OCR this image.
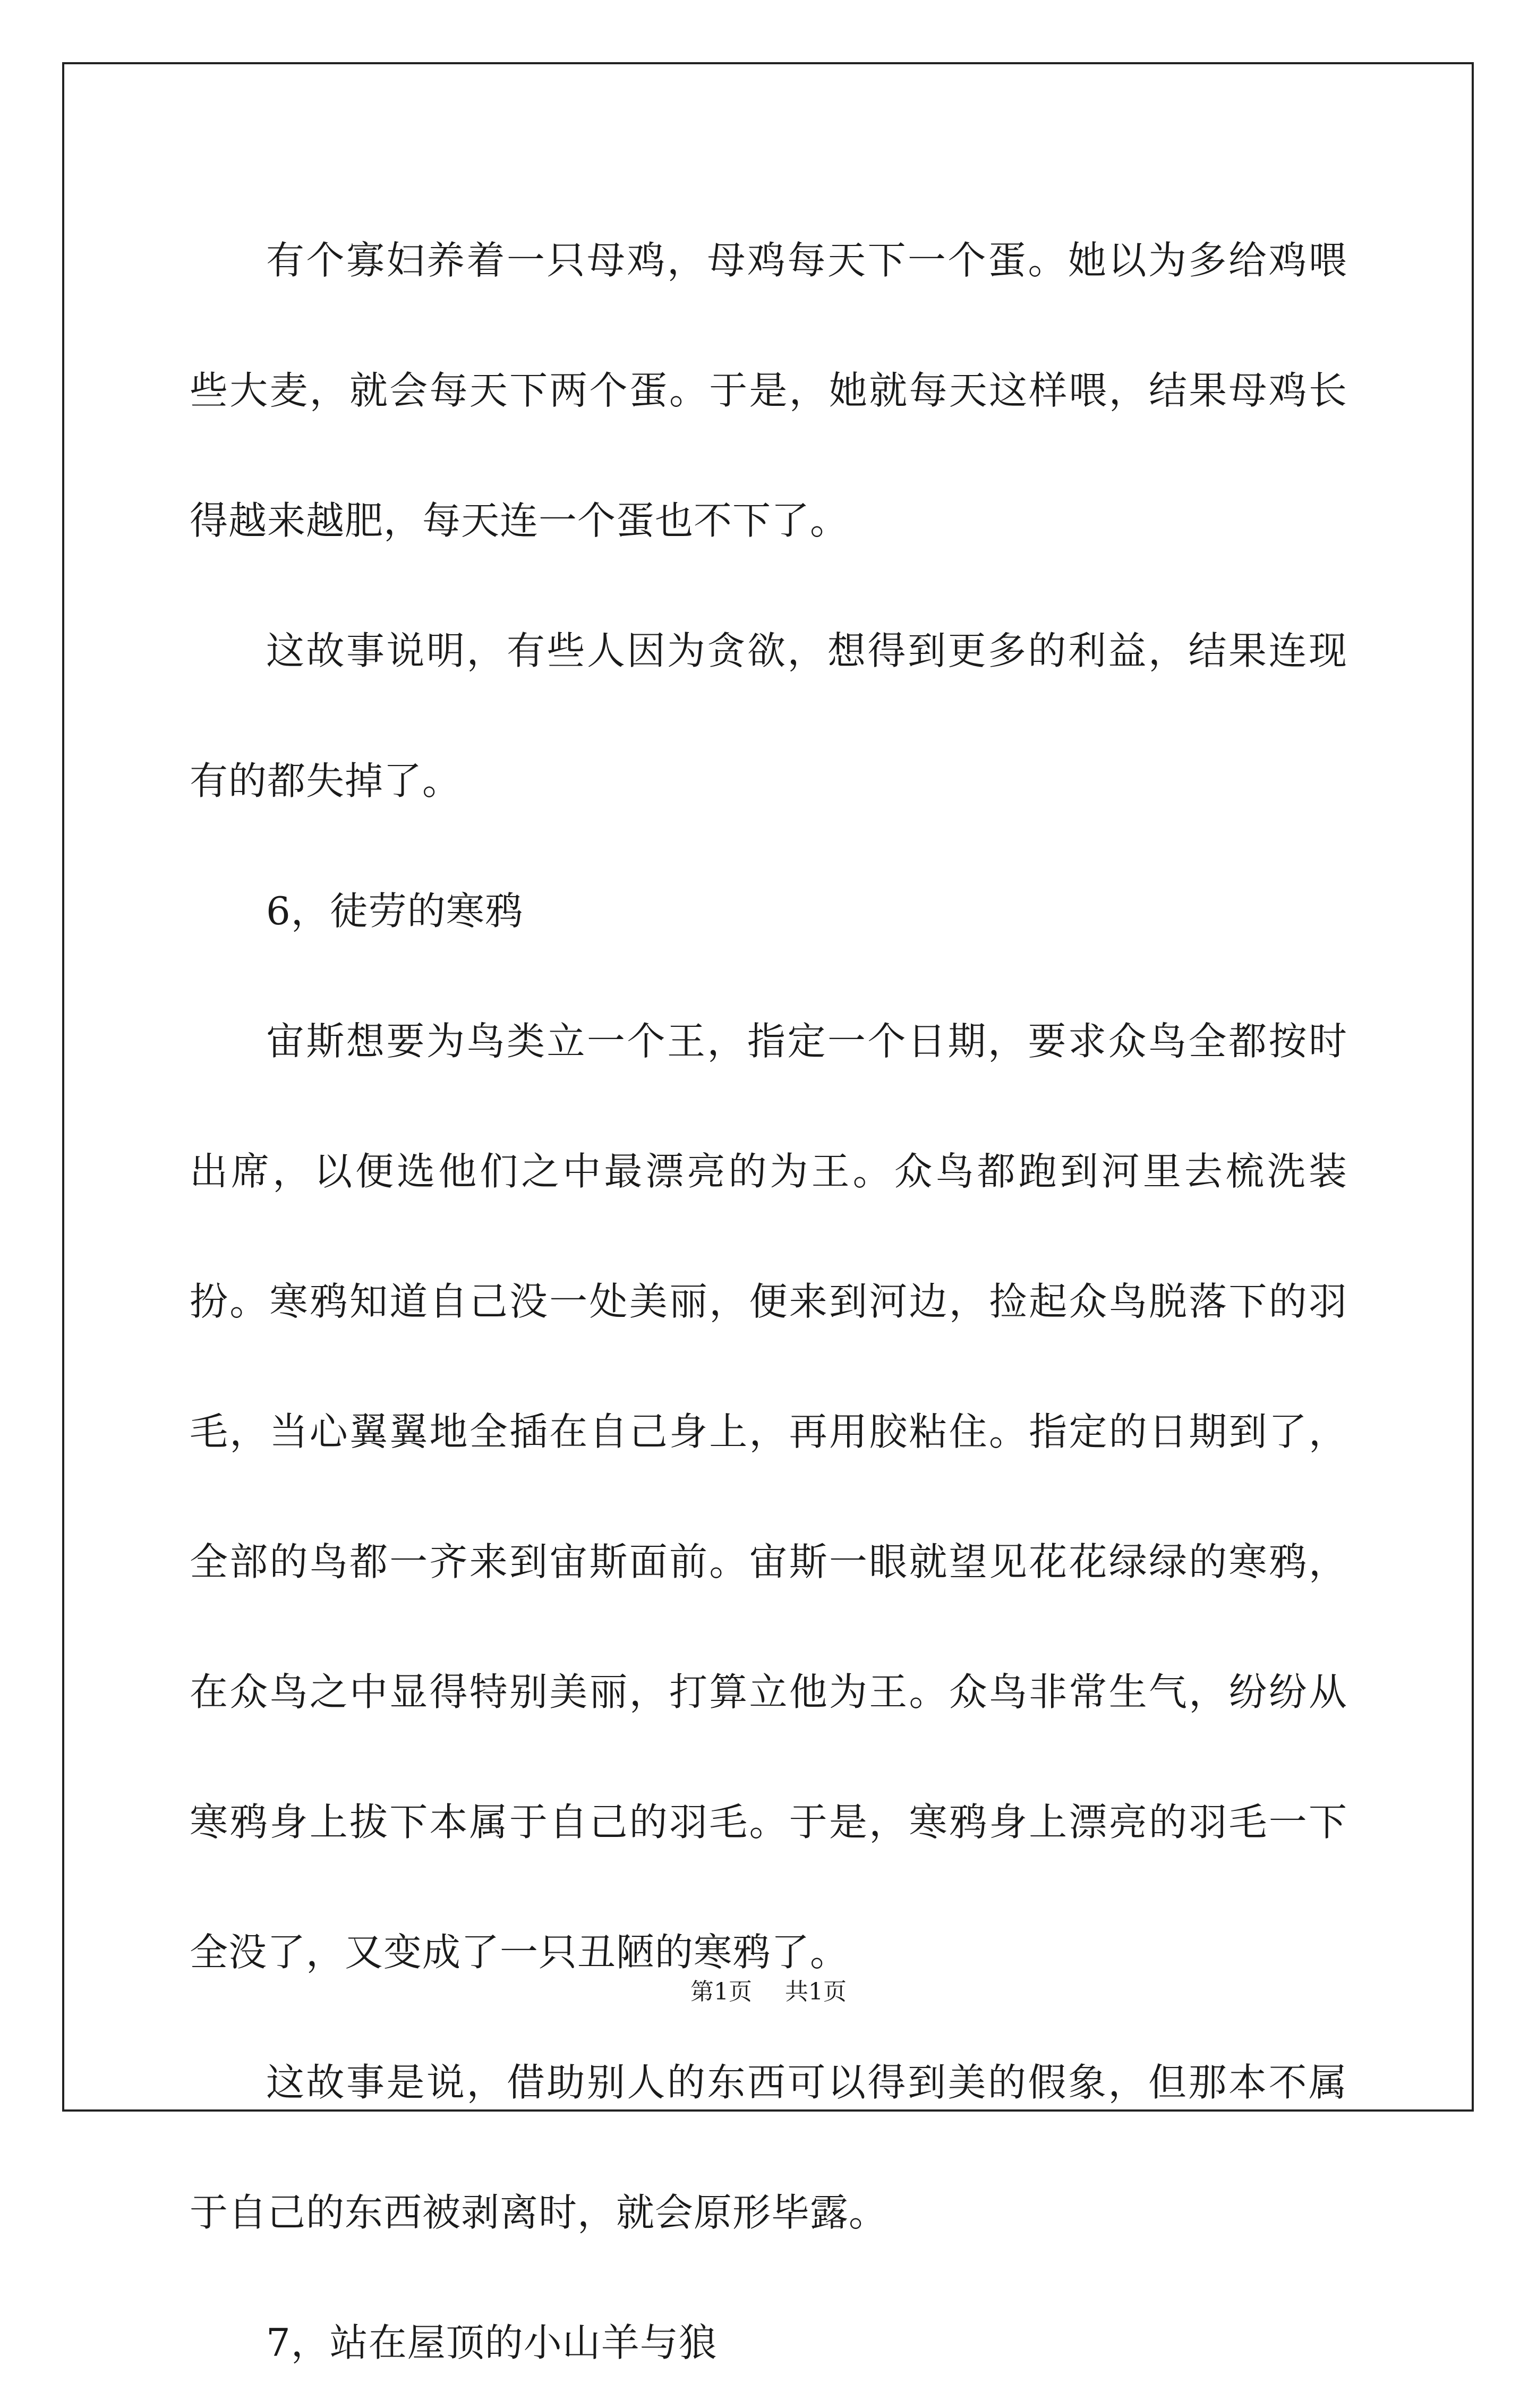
有个寡妇养着一只母鸡，母鸡每天下一个蛋。她以为多给鸡喂些大麦，就会每天下两个蛋。于是，她就每天这样喂，结果母鸡长得越来越肥，每天连一个蛋也不下了。

这故事说明，有些人因为贪欲，想得到更多的利益，结果连现有的都失掉了。

6，徒劳的寒鸦

宙斯想要为鸟类立一个王，指定一个日期，要求众鸟全都按时出席，以便选他们之中最漂亮的为王。众鸟都跑到河里去梳洗装扮。寒鸦知道自己没一处美丽，便来到河边，捡起众鸟脱落下的羽毛，当心翼翼地全插在自己身上，再用胶粘住。指定的日期到了，全部的鸟都一齐来到宙斯面前。宙斯一眼就望见花花绿绿的寒鸦，在众鸟之中显得特别美丽，打算立他为王。众鸟非常生气，纷纷从寒鸦身上拔下本属于自己的羽毛。于是，寒鸦身上漂亮的羽毛一下全没了，又变成了一只丑陋的寒鸦了。

这故事是说，借助别人的东西可以得到美的假象，但那本不属于自己的东西被剥离时，就会原形毕露。

7，站在屋顶的小山羊与狼

第1页 共1页
